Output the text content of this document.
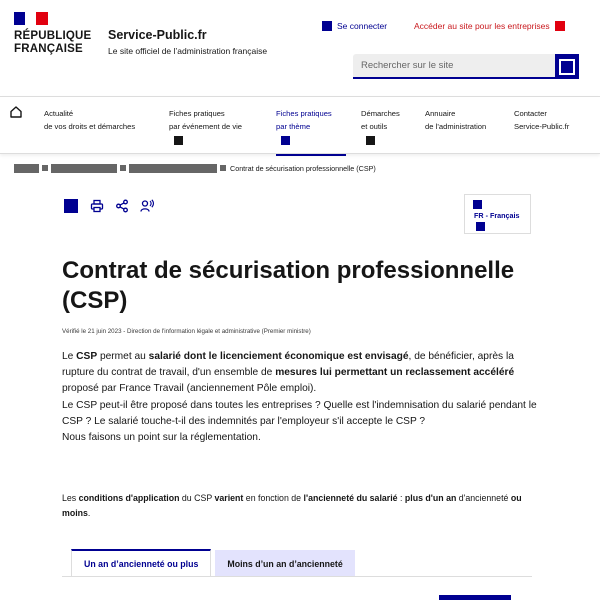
RÉPUBLIQUE
FRANÇAISE
Service-Public.fr
Le site officiel de l’administration française
Se connecter	Accéder au site pour les entreprises
Rechercher sur le site
Actualité
de vos droits et démarches
Fiches pratiques
par événement de vie
Fiches pratiques
par thème
Démarches
et outils
Annuaire
de l’administration
Contacter
Service-Public.fr
Contrat de sécurisation professionnelle (CSP)
FR - Français
Contrat de sécurisation professionnelle (CSP)
Vérifié le 21 juin 2023 - Direction de l'information légale et administrative (Premier ministre)

Le CSP permet au salarié dont le licenciement économique est envisagé, de bénéficier, après la rupture du contrat de travail, d'un ensemble de mesures lui permettant un reclassement accéléré proposé par France Travail (anciennement Pôle emploi).

Le CSP peut-il être proposé dans toutes les entreprises ? Quelle est l'indemnisation du salarié pendant le CSP ? Le salarié touche-t-il des indemnités par l'employeur s'il accepte le CSP ?

Nous faisons un point sur la réglementation.

Les conditions d'application du CSP varient en fonction de l'ancienneté du salarié : plus d'un an d'ancienneté ou moins.
Un an d’ancienneté ou plus	Moins d’un an d’ancienneté
